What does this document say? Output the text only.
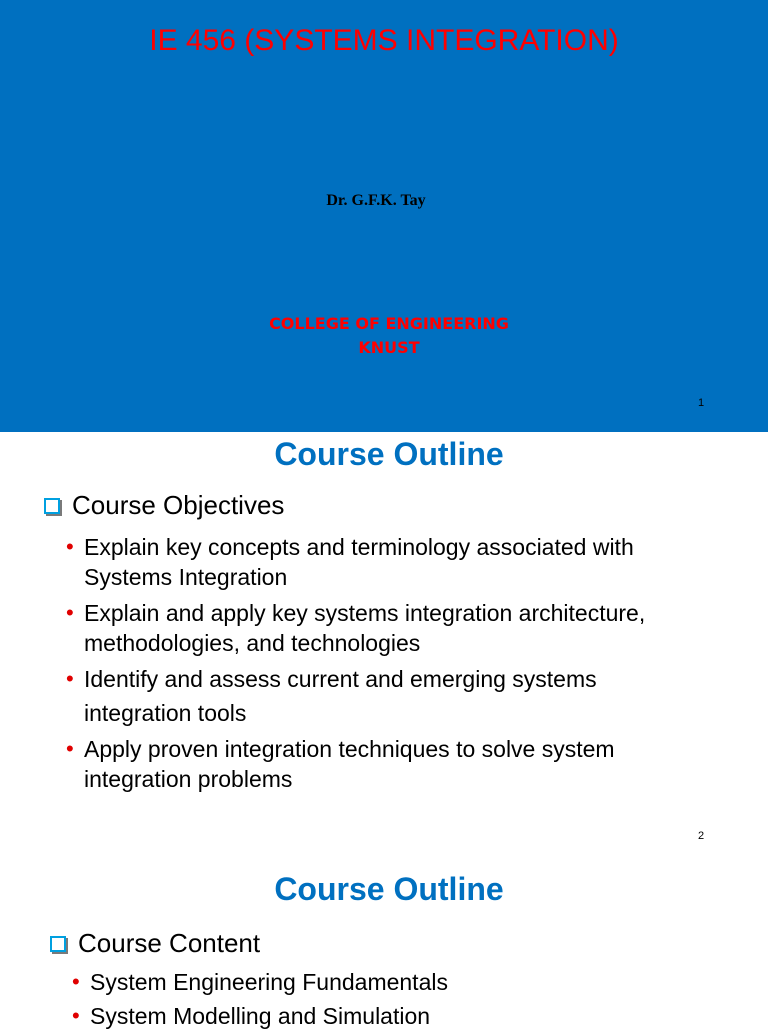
IE 456 (SYSTEMS INTEGRATION)
Dr. G.F.K. Tay
COLLEGE OF ENGINEERING
KNUST
1
Course Outline
Course Objectives
• Explain key concepts and terminology associated with
Systems Integration
• Explain and apply key systems integration architecture,
methodologies, and technologies
• Identify and assess current and emerging systems
integration tools
• Apply proven integration techniques to solve system
integration problems
2
Course Outline
Course Content
• System Engineering Fundamentals
• System Modelling and Simulation
